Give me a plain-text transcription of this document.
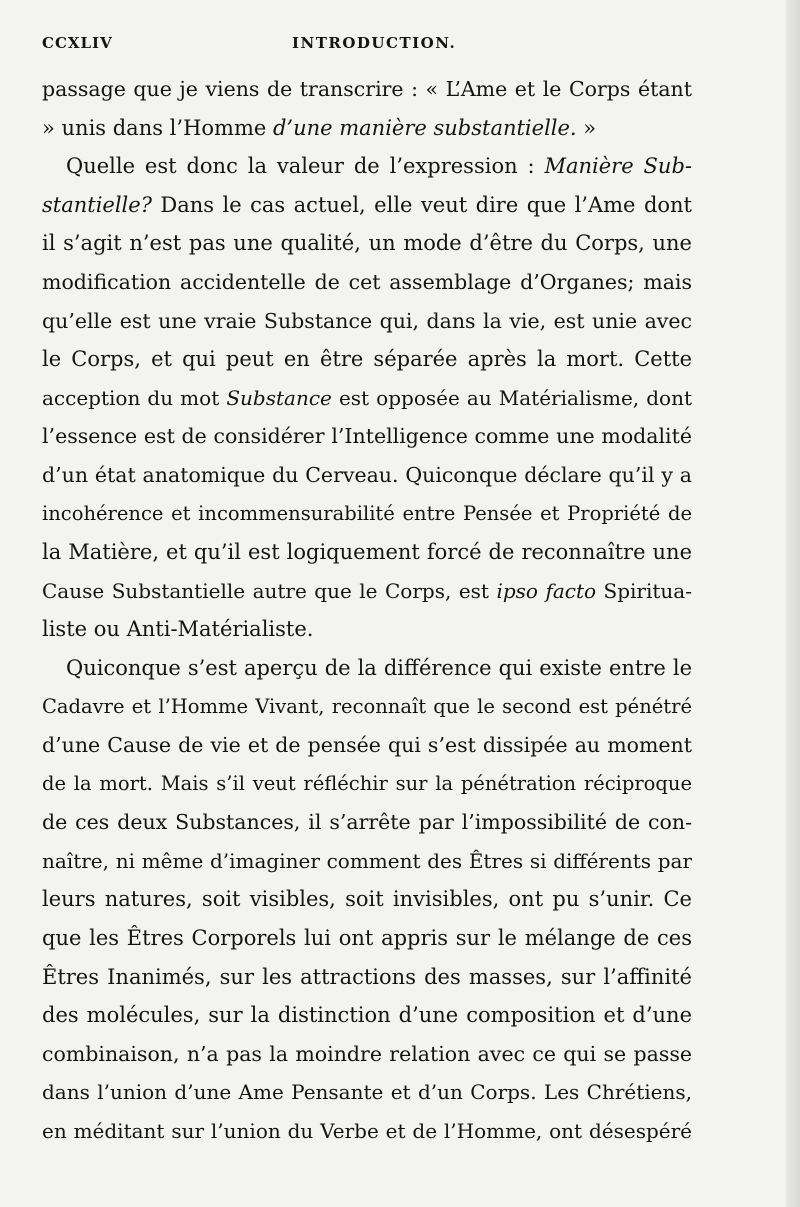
CCXLIV	INTRODUCTION.
passage que je viens de transcrire : « L’Ame et le Corps étant
» unis dans l’Homme d’une manière substantielle. »
Quelle est donc la valeur de l’expression : Manière Sub-
stantielle? Dans le cas actuel, elle veut dire que l’Ame dont
il s’agit n’est pas une qualité, un mode d’être du Corps, une
modification accidentelle de cet assemblage d’Organes; mais
qu’elle est une vraie Substance qui, dans la vie, est unie avec
le Corps, et qui peut en être séparée après la mort. Cette
acception du mot Substance est opposée au Matérialisme, dont
l’essence est de considérer l’Intelligence comme une modalité
d’un état anatomique du Cerveau. Quiconque déclare qu’il y a
incohérence et incommensurabilité entre Pensée et Propriété de
la Matière, et qu’il est logiquement forcé de reconnaître une
Cause Substantielle autre que le Corps, est ipso facto Spiritua-
liste ou Anti-Matérialiste.
Quiconque s’est aperçu de la différence qui existe entre le
Cadavre et l’Homme Vivant, reconnaît que le second est pénétré
d’une Cause de vie et de pensée qui s’est dissipée au moment
de la mort. Mais s’il veut réfléchir sur la pénétration réciproque
de ces deux Substances, il s’arrête par l’impossibilité de con-
naître, ni même d’imaginer comment des Êtres si différents par
leurs natures, soit visibles, soit invisibles, ont pu s’unir. Ce
que les Êtres Corporels lui ont appris sur le mélange de ces
Êtres Inanimés, sur les attractions des masses, sur l’affinité
des molécules, sur la distinction d’une composition et d’une
combinaison, n’a pas la moindre relation avec ce qui se passe
dans l’union d’une Ame Pensante et d’un Corps. Les Chrétiens,
en méditant sur l’union du Verbe et de l’Homme, ont désespéré
